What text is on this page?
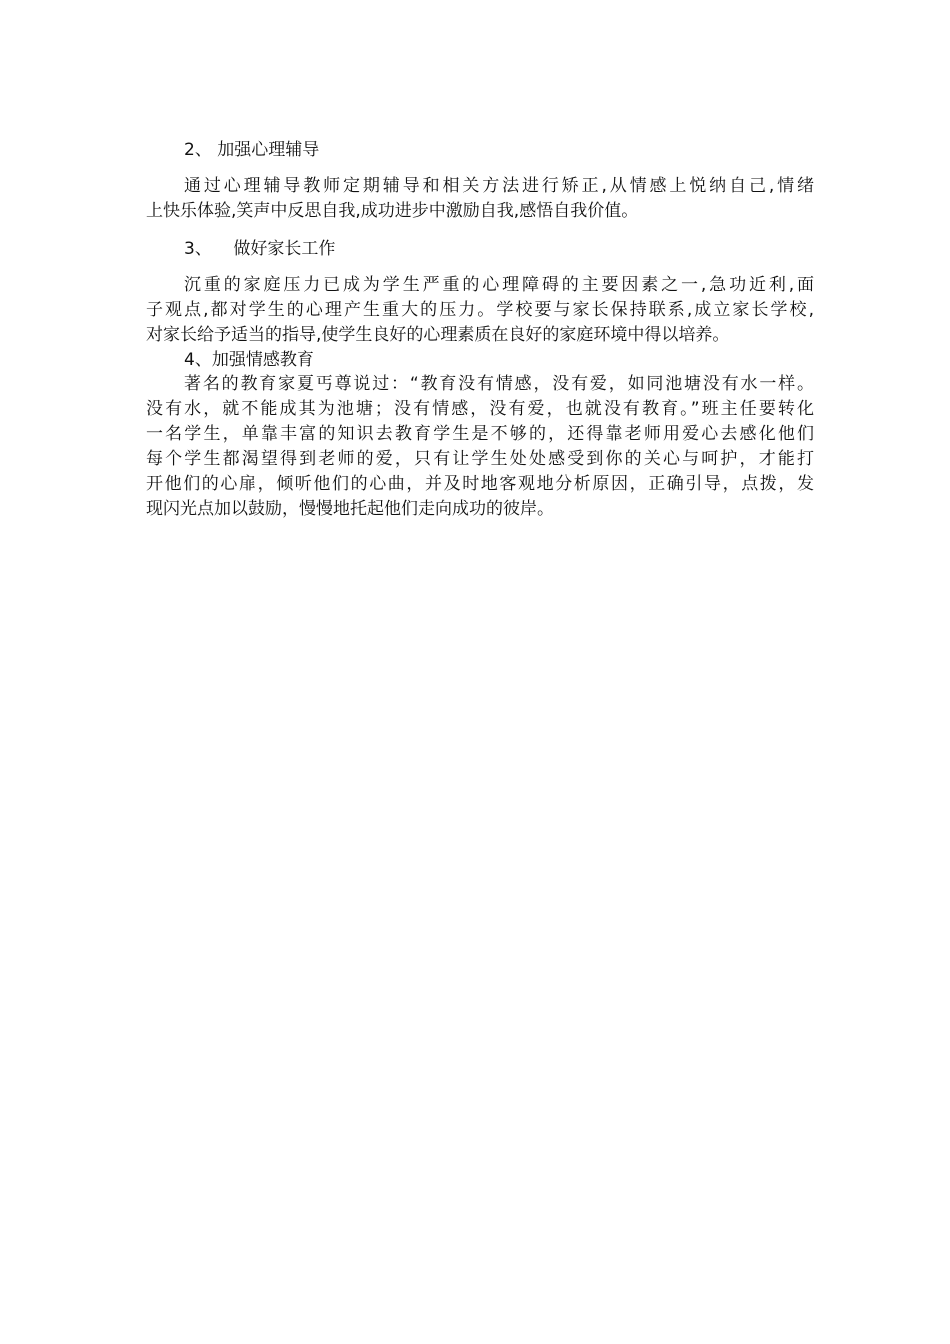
2、 加强心理辅导
通过心理辅导教师定期辅导和相关方法进行矫正,从情感上悦纳自己,情绪
上快乐体验,笑声中反思自我,成功进步中激励自我,感悟自我价值。
3、    做好家长工作
沉重的家庭压力已成为学生严重的心理障碍的主要因素之一,急功近利,面
子观点,都对学生的心理产生重大的压力。学校要与家长保持联系,成立家长学校,
对家长给予适当的指导,使学生良好的心理素质在良好的家庭环境中得以培养。
4、加强情感教育
著名的教育家夏丐尊说过：“教育没有情感，没有爱，如同池塘没有水一样。
没有水，就不能成其为池塘；没有情感，没有爱，也就没有教育。”班主任要转化
一名学生，单靠丰富的知识去教育学生是不够的，还得靠老师用爱心去感化他们
每个学生都渴望得到老师的爱，只有让学生处处感受到你的关心与呵护，才能打
开他们的心扉，倾听他们的心曲，并及时地客观地分析原因，正确引导，点拨，发
现闪光点加以鼓励，慢慢地托起他们走向成功的彼岸。
